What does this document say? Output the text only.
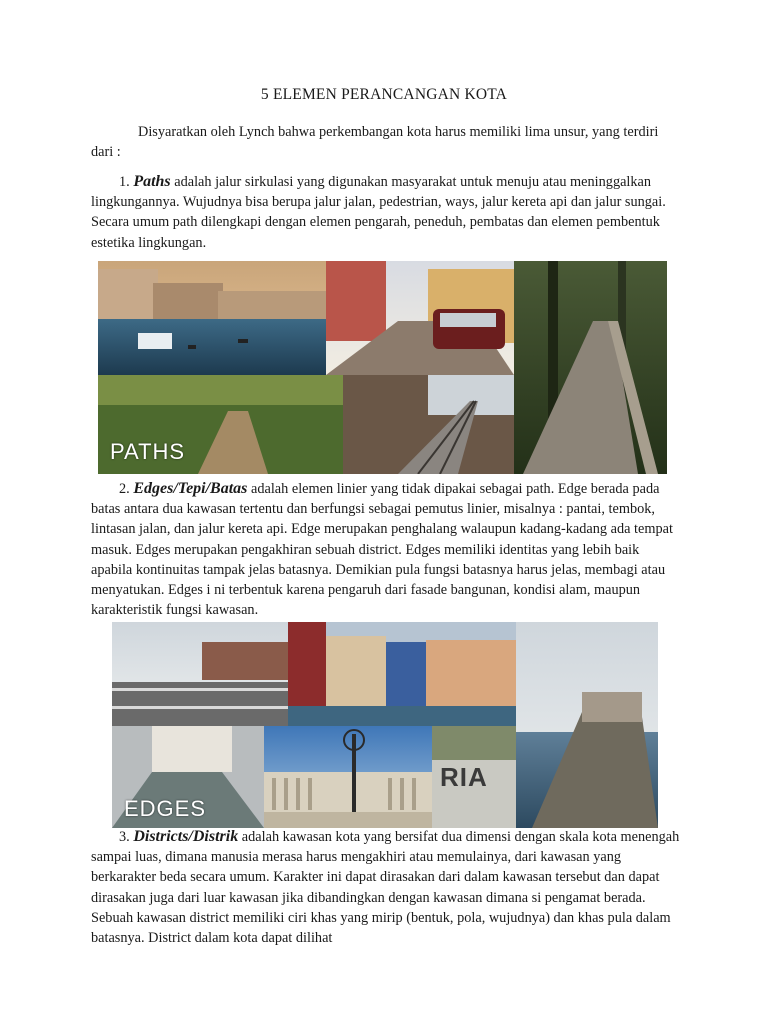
5 ELEMEN PERANCANGAN KOTA
Disyaratkan oleh Lynch bahwa perkembangan kota harus memiliki lima unsur, yang terdiri dari :
1. Paths adalah jalur sirkulasi yang digunakan masyarakat untuk menuju atau meninggalkan lingkungannya. Wujudnya bisa berupa jalur jalan, pedestrian, ways, jalur kereta api dan jalur sungai. Secara umum path dilengkapi dengan elemen pengarah, peneduh, pembatas dan elemen pembentuk estetika lingkungan.
PATHS
2. Edges/Tepi/Batas adalah elemen linier yang tidak dipakai sebagai path. Edge berada pada batas antara dua kawasan tertentu dan berfungsi sebagai pemutus linier, misalnya : pantai, tembok, lintasan jalan, dan jalur kereta api. Edge merupakan penghalang walaupun kadang-kadang ada tempat masuk. Edges merupakan pengakhiran sebuah district. Edges memiliki identitas yang lebih baik apabila kontinuitas tampak jelas batasnya. Demikian pula fungsi batasnya harus jelas, membagi atau menyatukan. Edges i ni terbentuk karena pengaruh dari fasade bangunan, kondisi alam, maupun karakteristik fungsi kawasan.
RIA
EDGES
3. Districts/Distrik adalah kawasan kota yang bersifat dua dimensi dengan skala kota menengah sampai luas, dimana manusia merasa harus mengakhiri atau memulainya, dari kawasan yang berkarakter beda secara umum. Karakter ini dapat dirasakan dari dalam kawasan tersebut dan dapat dirasakan juga dari luar kawasan jika dibandingkan dengan kawasan dimana si pengamat berada. Sebuah kawasan district memiliki ciri khas yang mirip (bentuk, pola, wujudnya) dan khas pula dalam batasnya. District dalam kota dapat dilihat
